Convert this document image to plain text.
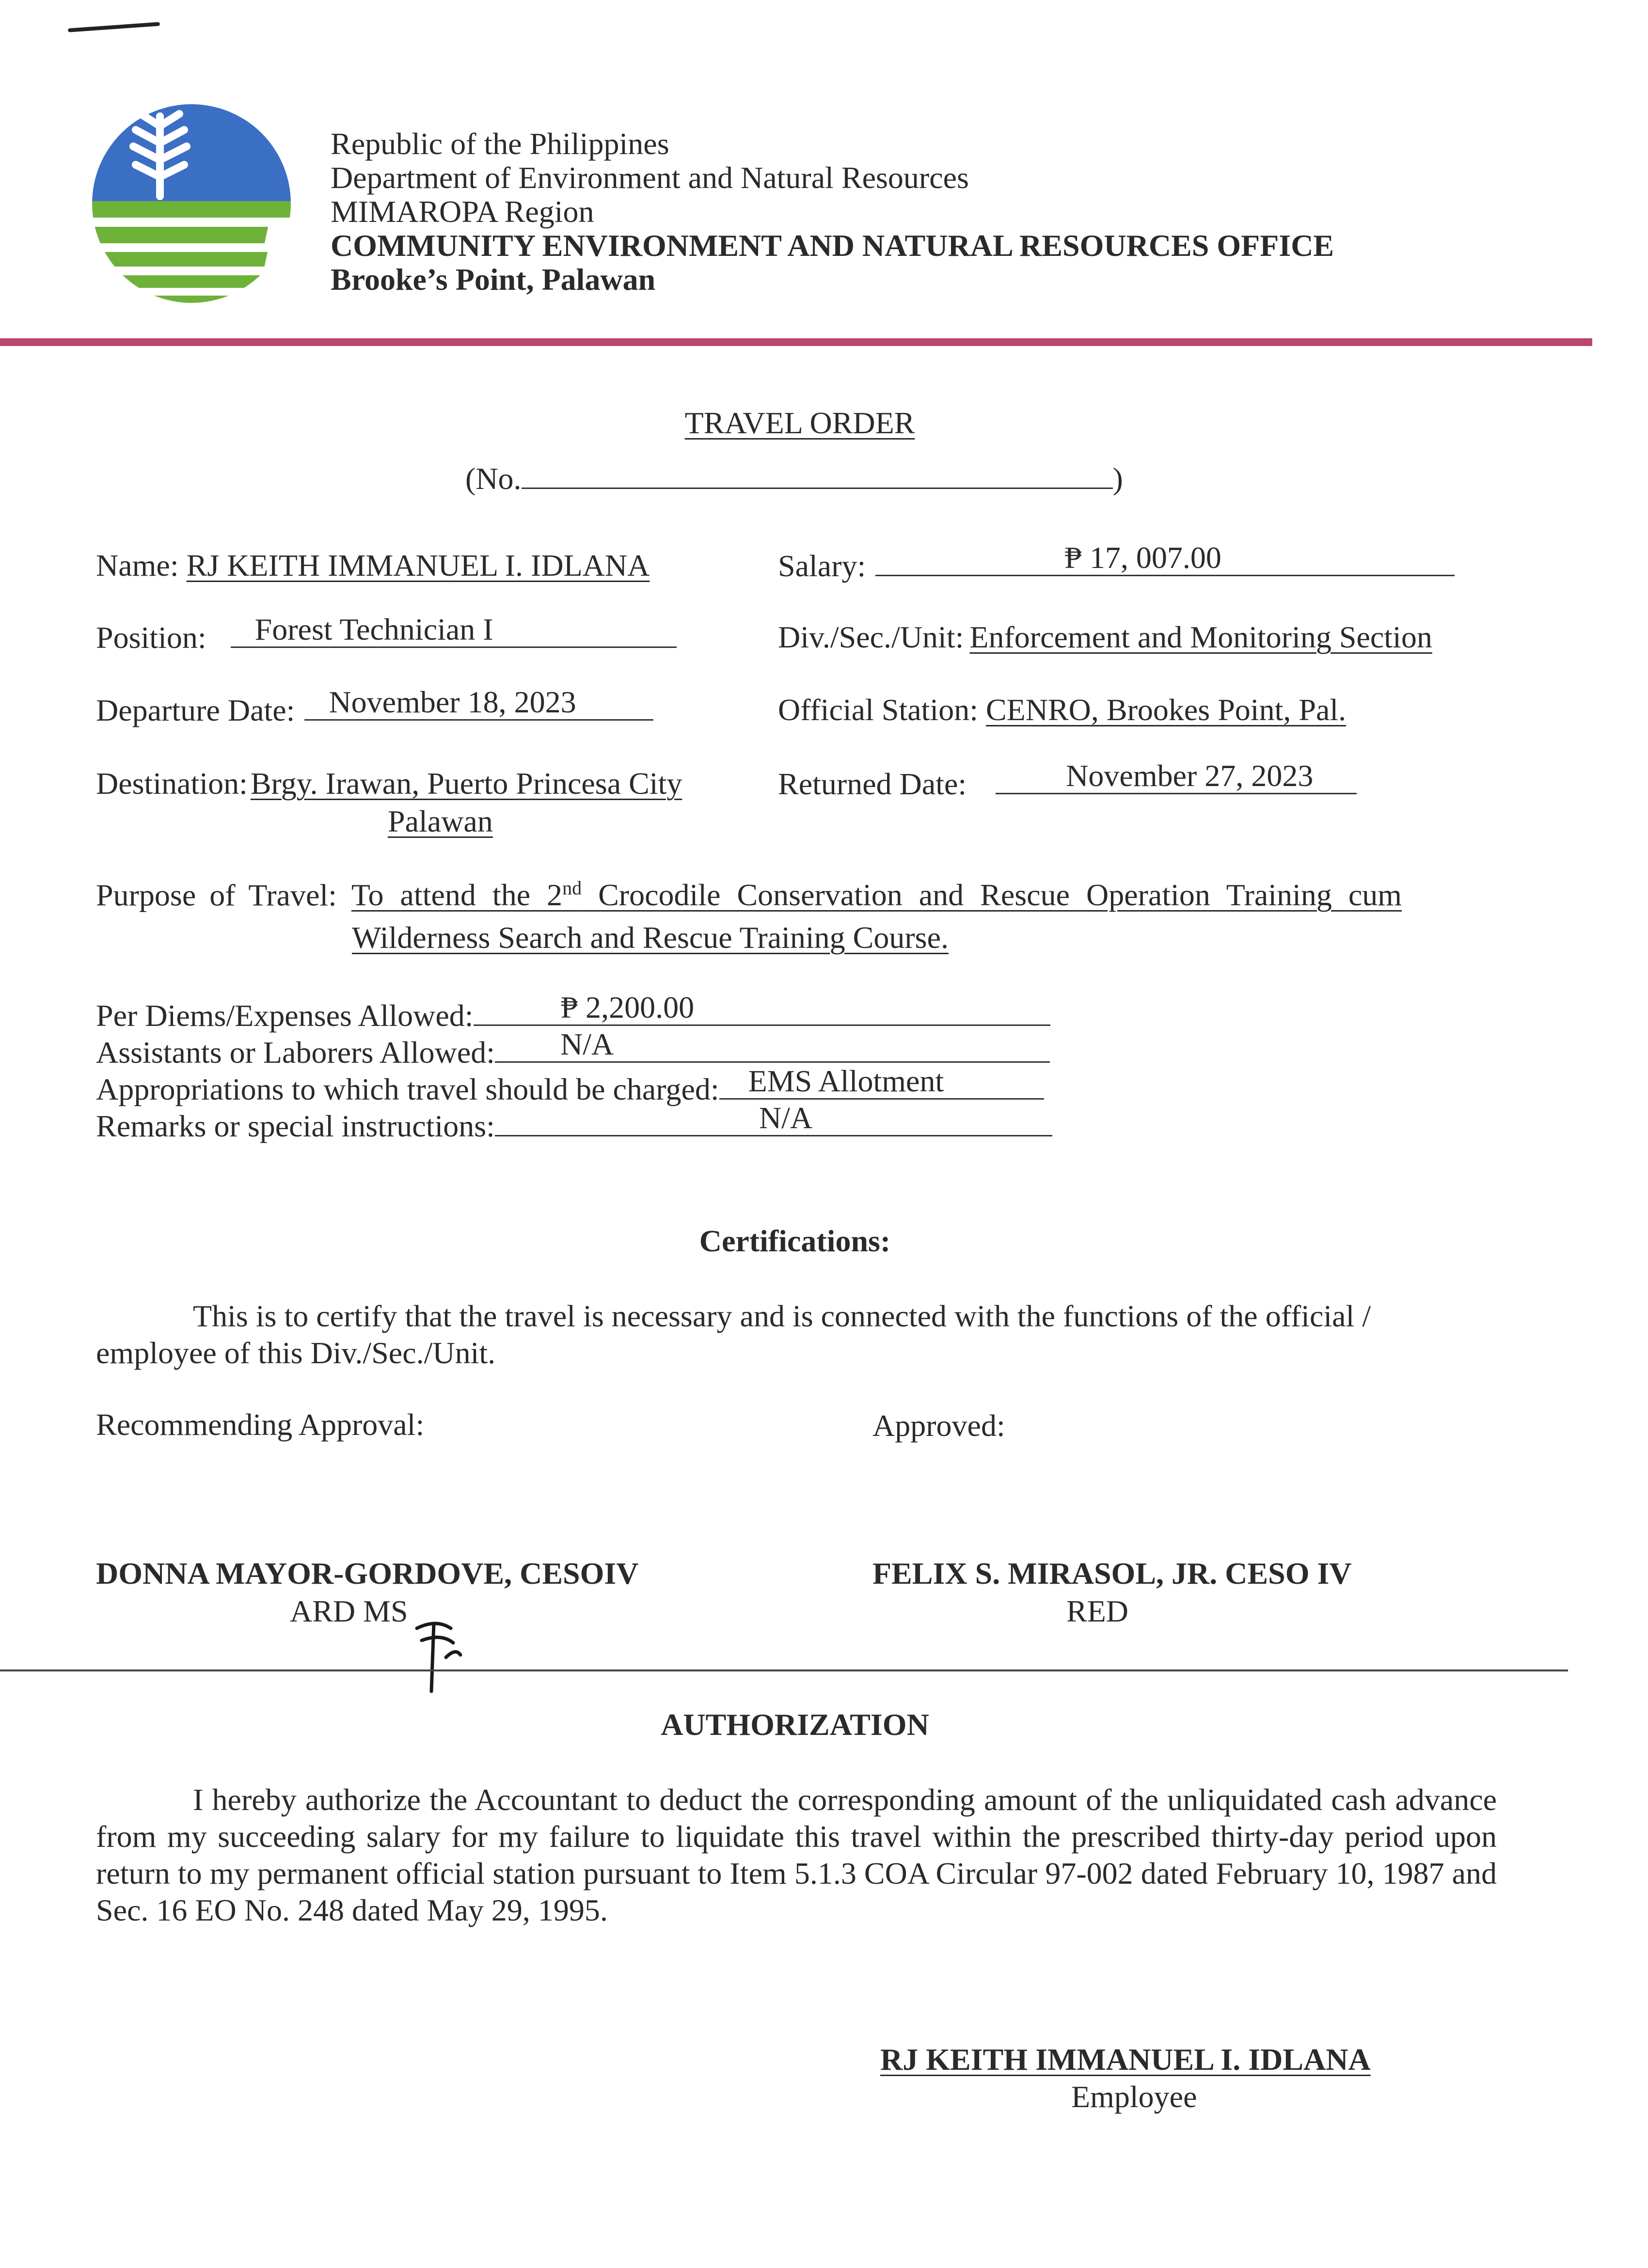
Republic of the Philippines
Department of Environment and Natural Resources
MIMAROPA Region
COMMUNITY ENVIRONMENT AND NATURAL RESOURCES OFFICE
Brooke’s Point, Palawan
TRAVEL ORDER
(No.	)
Name: RJ KEITH IMMANUEL I. IDLANA
Position: Forest Technician I
Departure Date: November 18, 2023
Destination:Brgy. Irawan, Puerto Princesa City
Palawan
Salary:	₱ 17, 007.00
Div./Sec./Unit: Enforcement and Monitoring Section
Official Station: CENRO, Brookes Point, Pal.
Returned Date:	November 27, 2023
Purpose of Travel: To attend the 2nd Crocodile Conservation and Rescue Operation Training cum
Wilderness Search and Rescue Training Course.
Per Diems/Expenses Allowed:	₱ 2,200.00
Assistants or Laborers Allowed: N/A
Appropriations to which travel should be charged: EMS Allotment
Remarks or special instructions:	N/A
Certifications:
This is to certify that the travel is necessary and is connected with the functions of the official / employee of this Div./Sec./Unit.
Recommending Approval:	Approved:
DONNA MAYOR-GORDOVE, CESOIV
ARD MS
FELIX S. MIRASOL, JR. CESO IV
RED
AUTHORIZATION
I hereby authorize the Accountant to deduct the corresponding amount of the unliquidated cash advance from my succeeding salary for my failure to liquidate this travel within the prescribed thirty-day period upon return to my permanent official station pursuant to Item 5.1.3 COA Circular 97-002 dated February 10, 1987 and Sec. 16 EO No. 248 dated May 29, 1995.
RJ KEITH IMMANUEL I. IDLANA
Employee
